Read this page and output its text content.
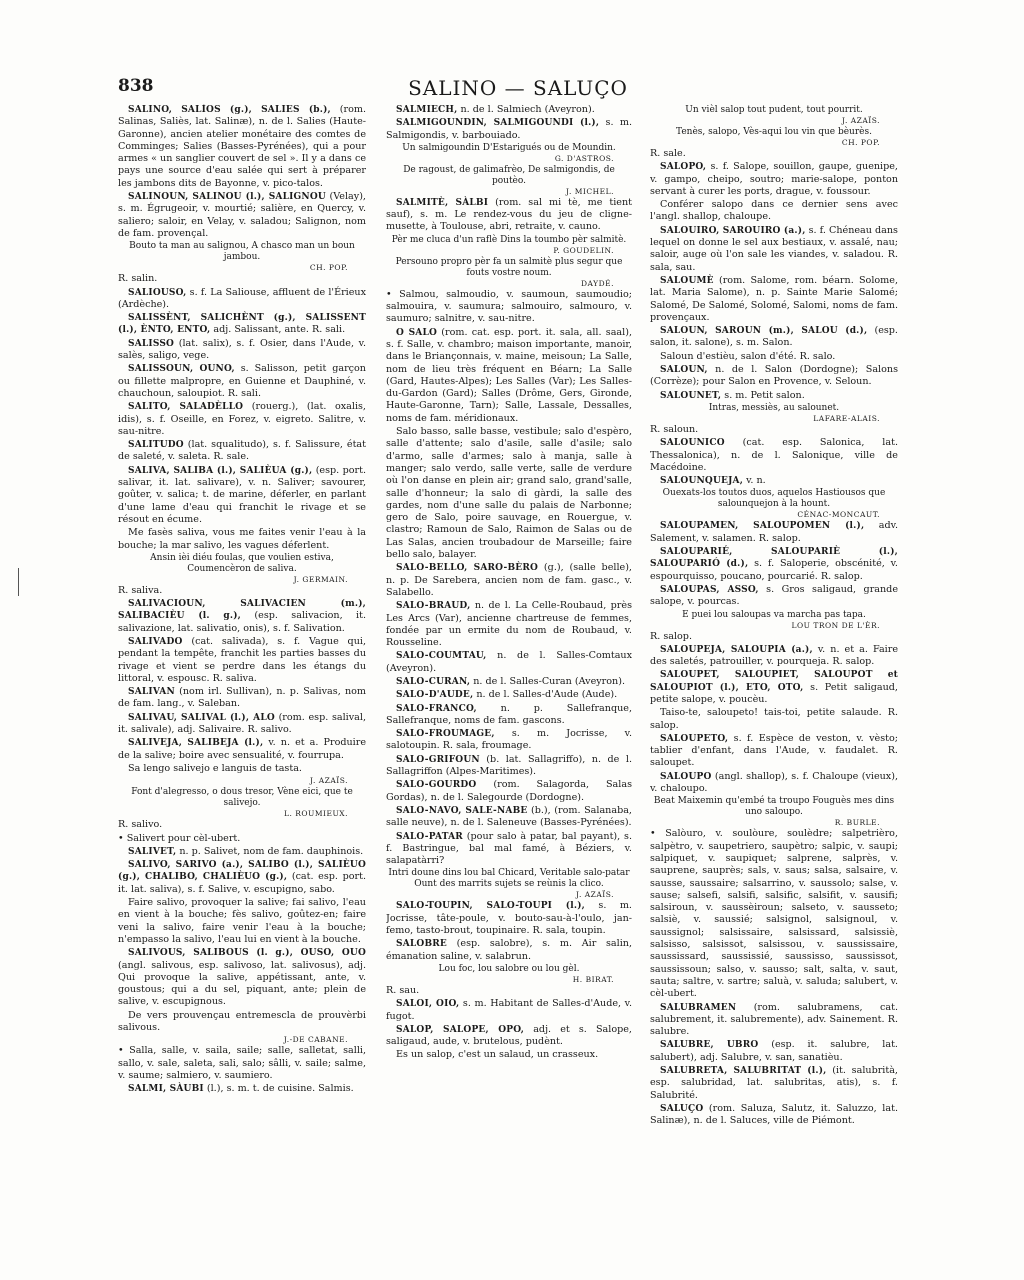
838	SALINO — SALUÇO

SALINO, SALÌOS (g.), SALIES (b.), (rom. Salinas, Saliès, lat. Salinæ), n. de l. Salies (Haute-Garonne), ancien atelier monétaire des comtes de Comminges; Salies (Basses-Pyrénées), qui a pour armes « un sanglier couvert de sel ». Il y a dans ce pays une source d'eau salée qui sert à préparer les jambons dits de Bayonne, v. pico-talos.

SALINOUN, SALINOU (l.), SALIGNOU (Velay), s. m. Égrugeoir, v. mourtié; salière, en Quercy, v. saliero; saloir, en Velay, v. saladou; Salignon, nom de fam. provençal.

Bouto ta man au salignou, A chasco man un boun jambou.

CH. POP.

R. salin.

SALIOUSO, s. f. La Saliouse, affluent de l'Érieux (Ardèche).

SALISSÈNT, SALICHÈNT (g.), SALISSENT (l.), ÈNTO, ENTO, adj. Salissant, ante. R. sali.

SALISSO (lat. salix), s. f. Osier, dans l'Aude, v. salès, saligo, vege.

SALISSOUN, OUNO, s. Salisson, petit garçon ou fillette malpropre, en Guienne et Dauphiné, v. chauchoun, saloupiot. R. sali.

SALITO, SALADÈLLO (rouerg.), (lat. oxalis, idis), s. f. Oseille, en Forez, v. eigreto. Salitre, v. sau-nitre.

SALITUDO (lat. squalitudo), s. f. Salissure, état de saleté, v. saleta. R. sale.

SALIVA, SALIBA (l.), SALIÈUA (g.), (esp. port. salivar, it. lat. salivare), v. n. Saliver; savourer, goûter, v. salica; t. de marine, déferler, en parlant d'une lame d'eau qui franchit le rivage et se résout en écume.

Me fasès saliva, vous me faites venir l'eau à la bouche; la mar salivo, les vagues déferlent.

Ansin ièi diéu foulas, que voulien estiva, Coumencèron de saliva.

J. GERMAIN.

R. saliva.

SALIVACIOUN, SALIVACIEN (m.), SALIBACIÈU (l. g.), (esp. salivacion, it. salivazione, lat. salivatio, onis), s. f. Salivation.

SALIVADO (cat. salivada), s. f. Vague qui, pendant la tempête, franchit les parties basses du rivage et vient se perdre dans les étangs du littoral, v. espousc. R. saliva.

SALIVAN (nom irl. Sullivan), n. p. Salivas, nom de fam. lang., v. Saleban.

SALIVAU, SALIVAL (l.), ALO (rom. esp. salival, it. salivale), adj. Salivaire. R. salivo.

SALIVEJA, SALIBEJA (l.), v. n. et a. Produire de la salive; boire avec sensualité, v. fourrupa.

Sa lengo salivejo e languis de tasta.

J. AZAÏS.

Font d'alegresso, o dous tresor, Vène eici, que te salivejo.

L. ROUMIEUX.

R. salivo.

• Salivert pour cèl-ubert.

SALIVET, n. p. Salivet, nom de fam. dauphinois.

SALIVO, SARIVO (a.), SALIBO (l.), SALIÈUO (g.), CHALIBO, CHALIÈUO (g.), (cat. esp. port. it. lat. saliva), s. f. Salive, v. escupigno, sabo.

Faire salivo, provoquer la salive; fai salivo, l'eau en vient à la bouche; fès salivo, goûtez-en; faire veni la salivo, faire venir l'eau à la bouche; n'empasso la salivo, l'eau lui en vient à la bouche.

SALIVOUS, SALIBOUS (l. g.), OUSO, OUO (angl. salivous, esp. salivoso, lat. salivosus), adj. Qui provoque la salive, appétissant, ante, v. goustous; qui a du sel, piquant, ante; plein de salive, v. escupignous.

De vers prouvençau entremescla de prouvèrbi salivous.

J.-DE CABANE.

• Salla, salle, v. saila, saile; salle, salletat, salli, sallo, v. sale, saleta, sali, salo; sâlli, v. saile; salme, v. saume; salmiero, v. saumiero.

SALMI, SÀUBI (l.), s. m. t. de cuisine. Salmis.

SALMIECH, n. de l. Salmiech (Aveyron).

SALMIGOUNDIN, SALMIGOUNDI (l.), s. m. Salmigondis, v. barbouiado.

Un salmigoundin D'Estarigués ou de Moundin.

G. D'ASTROS.

De ragoust, de galimafrèo, De salmigondis, de poutèo.

J. MICHEL.

SALMITÈ, SÀLBI (rom. sal mi tè, me tient sauf), s. m. Le rendez-vous du jeu de cligne-musette, à Toulouse, abri, retraite, v. cauno.

Pèr me cluca d'un raflè Dins la toumbo pèr salmitè.

P. GOUDELIN.

Persouno propro pèr fa un salmitè plus segur que fouts vostre noum.

DAYDÉ.

• Salmou, salmoudio, v. saumoun, saumoudio; salmouira, v. saumura; salmouiro, salmouro, v. saumuro; salnitre, v. sau-nitre.

O SALO (rom. cat. esp. port. it. sala, all. saal), s. f. Salle, v. chambro; maison importante, manoir, dans le Briançonnais, v. maine, meisoun; La Salle, nom de lieu très fréquent en Béarn; La Salle (Gard, Hautes-Alpes); Les Salles (Var); Les Salles-du-Gardon (Gard); Salles (Drôme, Gers, Gironde, Haute-Garonne, Tarn); Salle, Lassale, Dessalles, noms de fam. méridionaux.

Salo basso, salle basse, vestibule; salo d'espèro, salle d'attente; salo d'asile, salle d'asile; salo d'armo, salle d'armes; salo à manja, salle à manger; salo verdo, salle verte, salle de verdure où l'on danse en plein air; grand salo, grand'salle, salle d'honneur; la salo di gàrdi, la salle des gardes, nom d'une salle du palais de Narbonne; gero de Salo, poire sauvage, en Rouergue, v. clastro; Ramoun de Salo, Raimon de Salas ou de Las Salas, ancien troubadour de Marseille; faire bello salo, balayer.

SALO-BELLO, SARO-BÈRO (g.), (salle belle), n. p. De Sarebera, ancien nom de fam. gasc., v. Salabello.

SALO-BRAUD, n. de l. La Celle-Roubaud, près Les Arcs (Var), ancienne chartreuse de femmes, fondée par un ermite du nom de Roubaud, v. Rousseline.

SALO-COUMTAU, n. de l. Salles-Comtaux (Aveyron).

SALO-CURAN, n. de l. Salles-Curan (Aveyron).

SALO-D'AUDE, n. de l. Salles-d'Aude (Aude).

SALO-FRANCO, n. p. Sallefranque, Sallefranque, noms de fam. gascons.

SALO-FROUMAGE, s. m. Jocrisse, v. salotoupin. R. sala, froumage.

SALO-GRIFOUN (b. lat. Sallagriffo), n. de l. Sallagriffon (Alpes-Maritimes).

SALO-GOURDO (rom. Salagorda, Salas Gordas), n. de l. Salegourde (Dordogne).

SALO-NAVO, SALE-NABE (b.), (rom. Salanaba, salle neuve), n. de l. Saleneuve (Basses-Pyrénées).

SALO-PATAR (pour salo à patar, bal payant), s. f. Bastringue, bal mal famé, à Béziers, v. salapatàrri?

Intri doune dins lou bal Chicard, Veritable salo-patar Ount des marrits sujets se reùnis la clico.

J. AZAÏS.

SALO-TOUPIN, SALO-TOUPI (l.), s. m. Jocrisse, tâte-poule, v. bouto-sau-à-l'oulo, jan-femo, tasto-brout, toupinaire. R. sala, toupin.

SALOBRE (esp. salobre), s. m. Air salin, émanation saline, v. salabrun.

Lou foc, lou salobre ou lou gèl.

H. BIRAT.

R. sau.

SALOI, OIO, s. m. Habitant de Salles-d'Aude, v. fugot.

SALOP, SALOPE, OPO, adj. et s. Salope, saligaud, aude, v. brutelous, pudènt.

Es un salop, c'est un salaud, un crasseux.

Un vièl salop tout pudent, tout pourrit.

J. AZAÏS.

Tenès, salopo, Vès-aqui lou vin que bèurès.

CH. POP.

R. sale.

SALOPO, s. f. Salope, souillon, gaupe, guenipe, v. gampo, cheipo, soutro; marie-salope, ponton servant à curer les ports, drague, v. foussour.

Conférer salopo dans ce dernier sens avec l'angl. shallop, chaloupe.

SALOUIRO, SAROUIRO (a.), s. f. Chéneau dans lequel on donne le sel aux bestiaux, v. assalé, nau; saloir, auge où l'on sale les viandes, v. saladou. R. sala, sau.

SALOUMÈ (rom. Salome, rom. béarn. Solome, lat. Maria Salome), n. p. Sainte Marie Salomé; Salomé, De Salomé, Solomé, Salomi, noms de fam. provençaux.

SALOUN, SAROUN (m.), SALOU (d.), (esp. salon, it. salone), s. m. Salon.

Saloun d'estièu, salon d'été. R. salo.

SALOUN, n. de l. Salon (Dordogne); Salons (Corrèze); pour Salon en Provence, v. Seloun.

SALOUNET, s. m. Petit salon.

Intras, messiès, au salounet.

LAFARE-ALAIS.

R. saloun.

SALOUNICO (cat. esp. Salonica, lat. Thessalonica), n. de l. Salonique, ville de Macédoine.

SALOUNQUEJA, v. n.

Ouexats-los toutos duos, aquelos Hastiousos que salounquejon à la hount.

CÉNAC-MONCAUT.

SALOUPAMEN, SALOUPOMEN (l.), adv. Salement, v. salamen. R. salop.

SALOUPARIÉ, SALOUPARIÈ (l.), SALOUPARIÓ (d.), s. f. Saloperie, obscénité, v. espourquisso, poucano, pourcarié. R. salop.

SALOUPAS, ASSO, s. Gros saligaud, grande salope, v. pourcas.

E puei lou saloupas va marcha pas tapa.

LOU TRON DE L'ÈR.

R. salop.

SALOUPEJA, SALOUPIA (a.), v. n. et a. Faire des saletés, patrouiller, v. pourqueja. R. salop.

SALOUPET, SALOUPIET, SALOUPOT et SALOUPIOT (l.), ETO, OTO, s. Petit saligaud, petite salope, v. poucèu.

Taiso-te, saloupeto! tais-toi, petite salaude. R. salop.

SALOUPETO, s. f. Espèce de veston, v. vèsto; tablier d'enfant, dans l'Aude, v. faudalet. R. saloupet.

SALOUPO (angl. shallop), s. f. Chaloupe (vieux), v. chaloupo.

Beat Maixemin qu'embé ta troupo Fouguès mes dins uno saloupo.

R. BURLE.

• Salòuro, v. soulòure, soulèdre; salpetrièro, salpètro, v. saupetriero, saupètro; salpic, v. saupi; salpiquet, v. saupiquet; salprene, salprès, v. sauprene, sauprès; sals, v. saus; salsa, salsaire, v. sausse, saussaire; salsarrino, v. saussolo; salse, v. sause; salsefi, salsifi, salsific, salsifit, v. sausifi; salsiroun, v. saussèiroun; salseto, v. sausseto; salsiè, v. saussié; salsignol, salsignoul, v. saussignol; salsissaire, salsissard, salsissiè, salsisso, salsissot, salsissou, v. saussissaire, saussissard, saussissié, saussisso, saussissot, saussissoun; salso, v. sausso; salt, salta, v. saut, sauta; saltre, v. sartre; saluà, v. saluda; salubert, v. cèl-ubert.

SALUBRAMEN (rom. salubramens, cat. salubrement, it. salubremente), adv. Sainement. R. salubre.

SALUBRE, UBRO (esp. it. salubre, lat. salubert), adj. Salubre, v. san, sanatièu.

SALUBRETA, SALUBRITAT (l.), (it. salubrità, esp. salubridad, lat. salubritas, atis), s. f. Salubrité.

SALUÇO (rom. Saluza, Salutz, it. Saluzzo, lat. Salinæ), n. de l. Saluces, ville de Piémont.
